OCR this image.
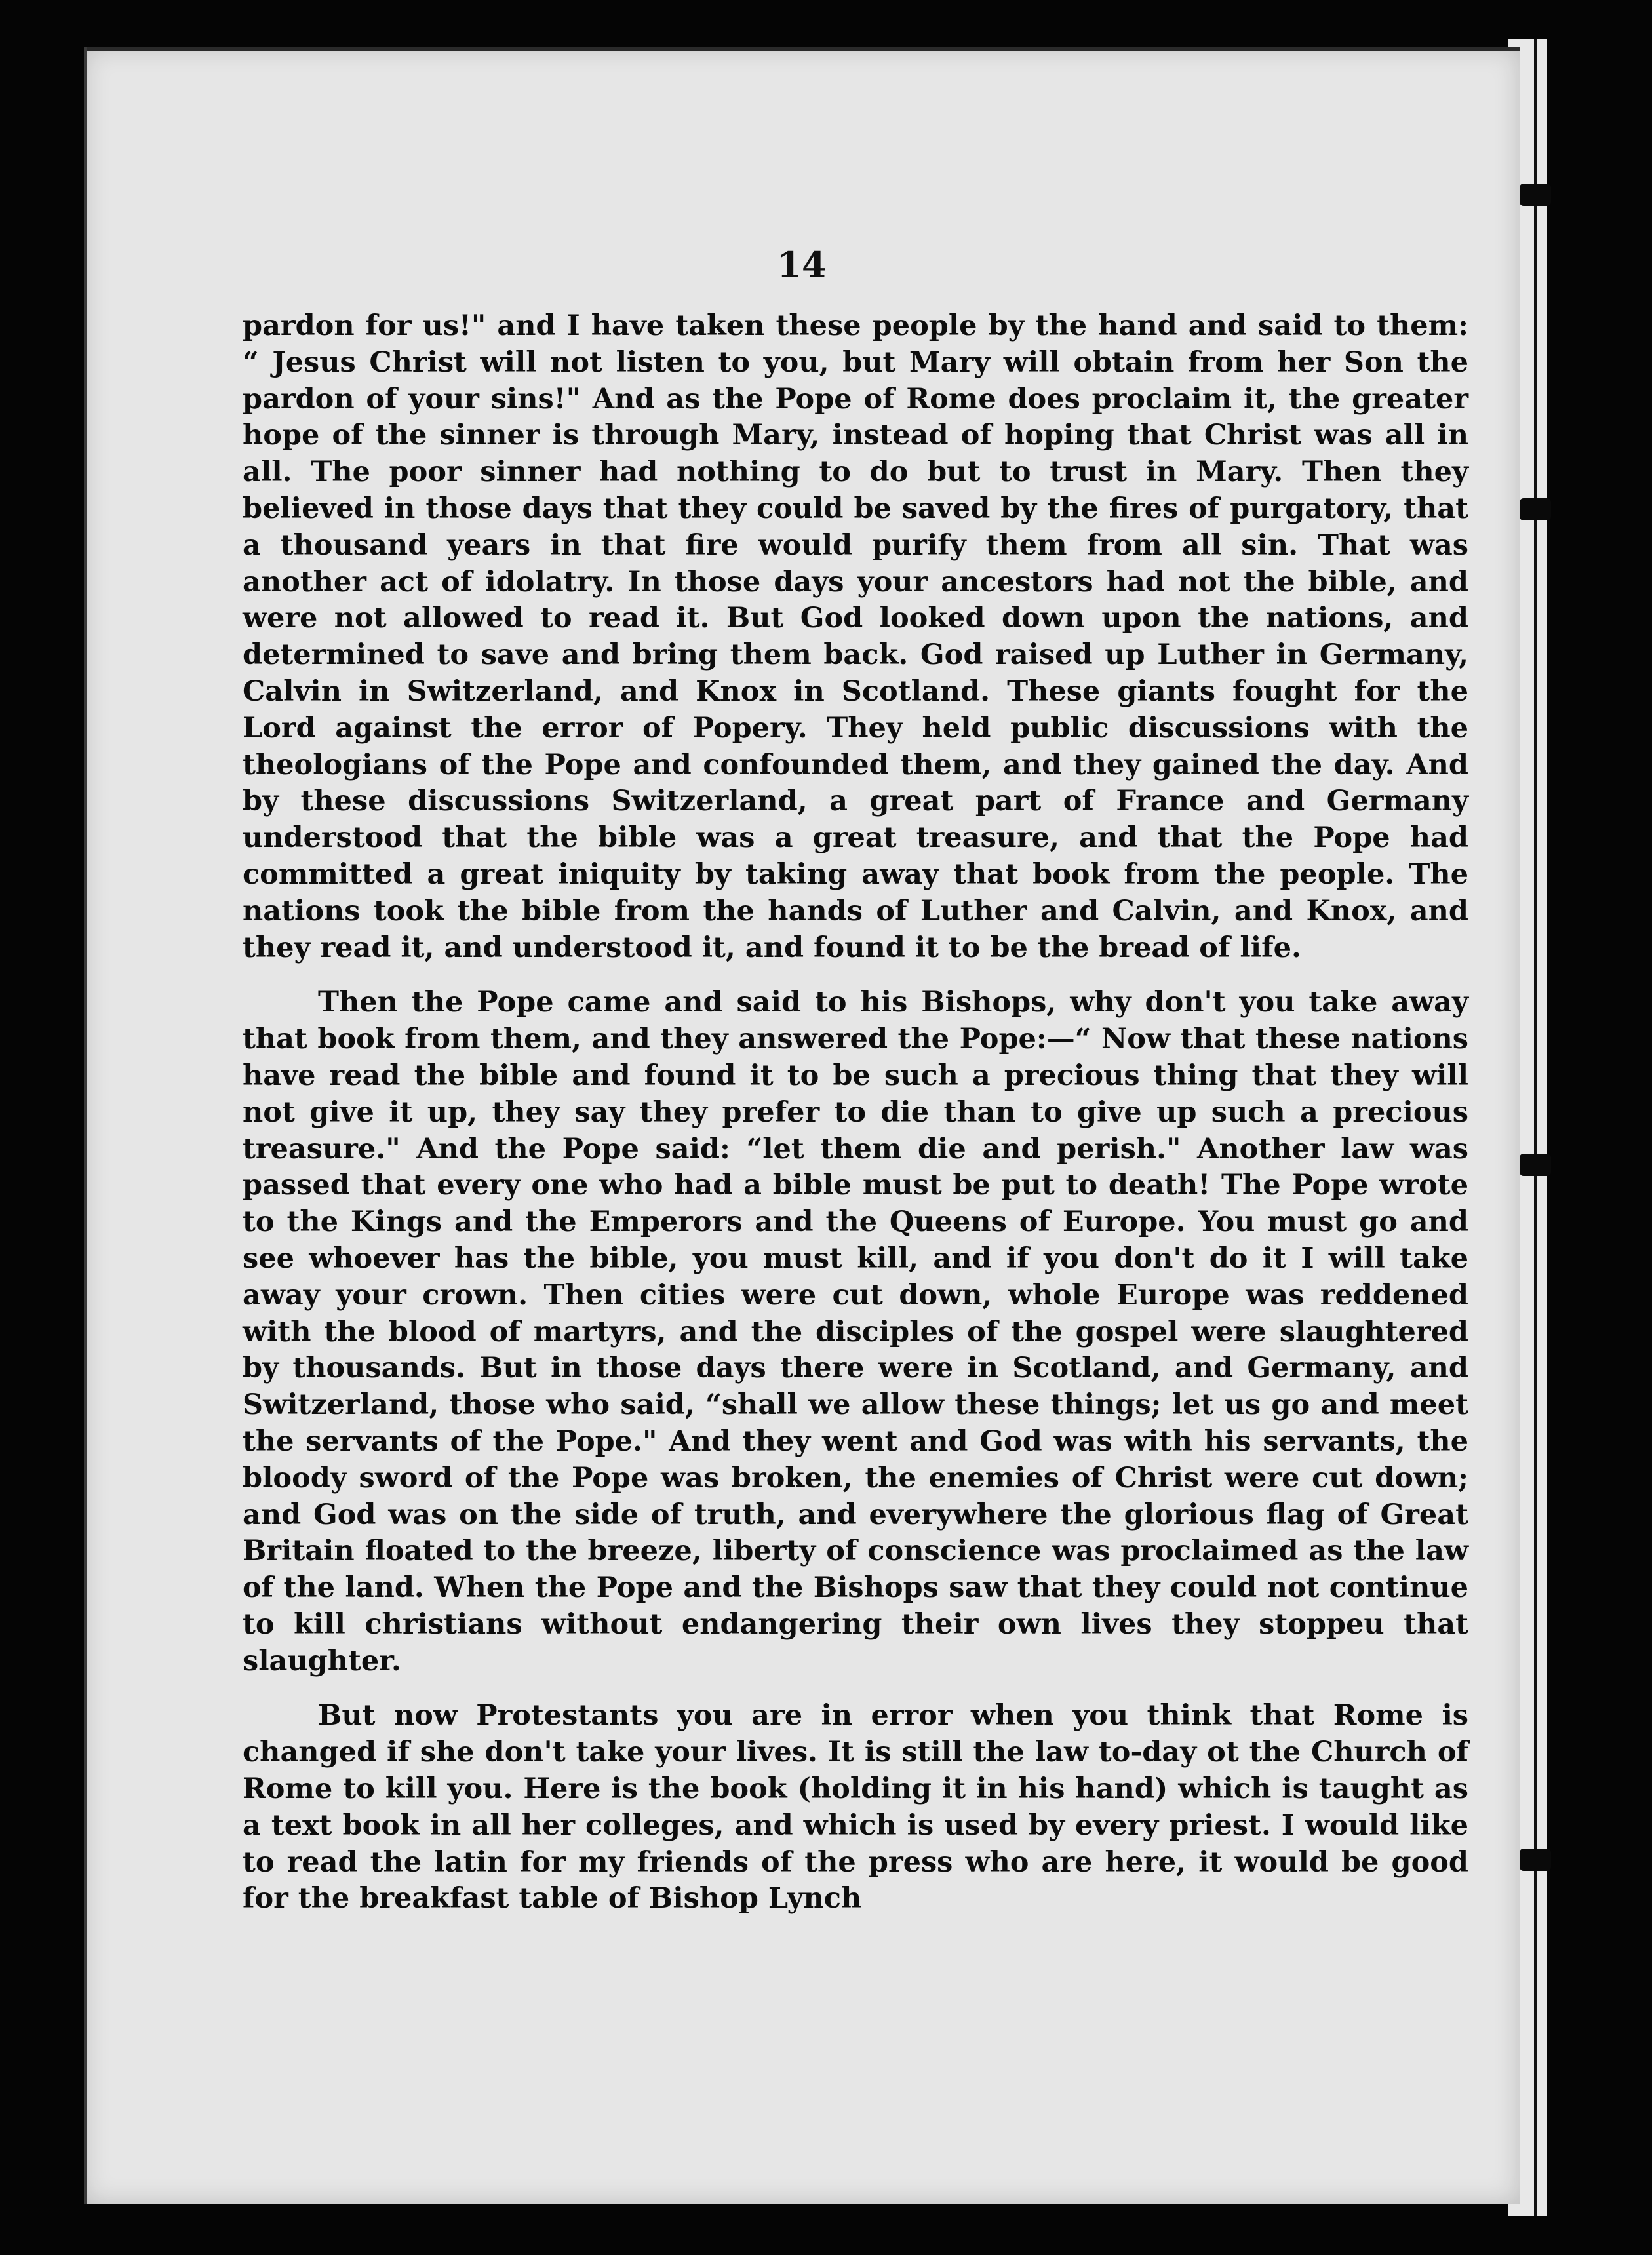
14

pardon for us!" and I have taken these people by the hand and said to them: “ Jesus Christ will not listen to you, but Mary will obtain from her Son the pardon of your sins!" And as the Pope of Rome does proclaim it, the greater hope of the sinner is through Mary, instead of hoping that Christ was all in all. The poor sinner had nothing to do but to trust in Mary. Then they believed in those days that they could be saved by the fires of purgatory, that a thousand years in that fire would purify them from all sin. That was another act of idolatry. In those days your ancestors had not the bible, and were not allowed to read it. But God looked down upon the nations, and determined to save and bring them back. God raised up Luther in Germany, Calvin in Switzerland, and Knox in Scotland. These giants fought for the Lord against the error of Popery. They held public discussions with the theologians of the Pope and confounded them, and they gained the day. And by these discussions Switzerland, a great part of France and Germany understood that the bible was a great treasure, and that the Pope had committed a great iniquity by taking away that book from the people. The nations took the bible from the hands of Luther and Calvin, and Knox, and they read it, and understood it, and found it to be the bread of life.

Then the Pope came and said to his Bishops, why don't you take away that book from them, and they answered the Pope:—“ Now that these nations have read the bible and found it to be such a precious thing that they will not give it up, they say they prefer to die than to give up such a precious treasure." And the Pope said: “let them die and perish." Another law was passed that every one who had a bible must be put to death! The Pope wrote to the Kings and the Emperors and the Queens of Europe. You must go and see whoever has the bible, you must kill, and if you don't do it I will take away your crown. Then cities were cut down, whole Europe was reddened with the blood of martyrs, and the disciples of the gospel were slaughtered by thousands. But in those days there were in Scotland, and Germany, and Switzerland, those who said, “shall we allow these things; let us go and meet the servants of the Pope." And they went and God was with his servants, the bloody sword of the Pope was broken, the enemies of Christ were cut down; and God was on the side of truth, and everywhere the glorious flag of Great Britain floated to the breeze, liberty of conscience was proclaimed as the law of the land. When the Pope and the Bishops saw that they could not continue to kill christians without endangering their own lives they stoppeu that slaughter.

But now Protestants you are in error when you think that Rome is changed if she don't take your lives. It is still the law to-day ot the Church of Rome to kill you. Here is the book (holding it in his hand) which is taught as a text book in all her colleges, and which is used by every priest. I would like to read the latin for my friends of the press who are here, it would be good for the breakfast table of Bishop Lynch
